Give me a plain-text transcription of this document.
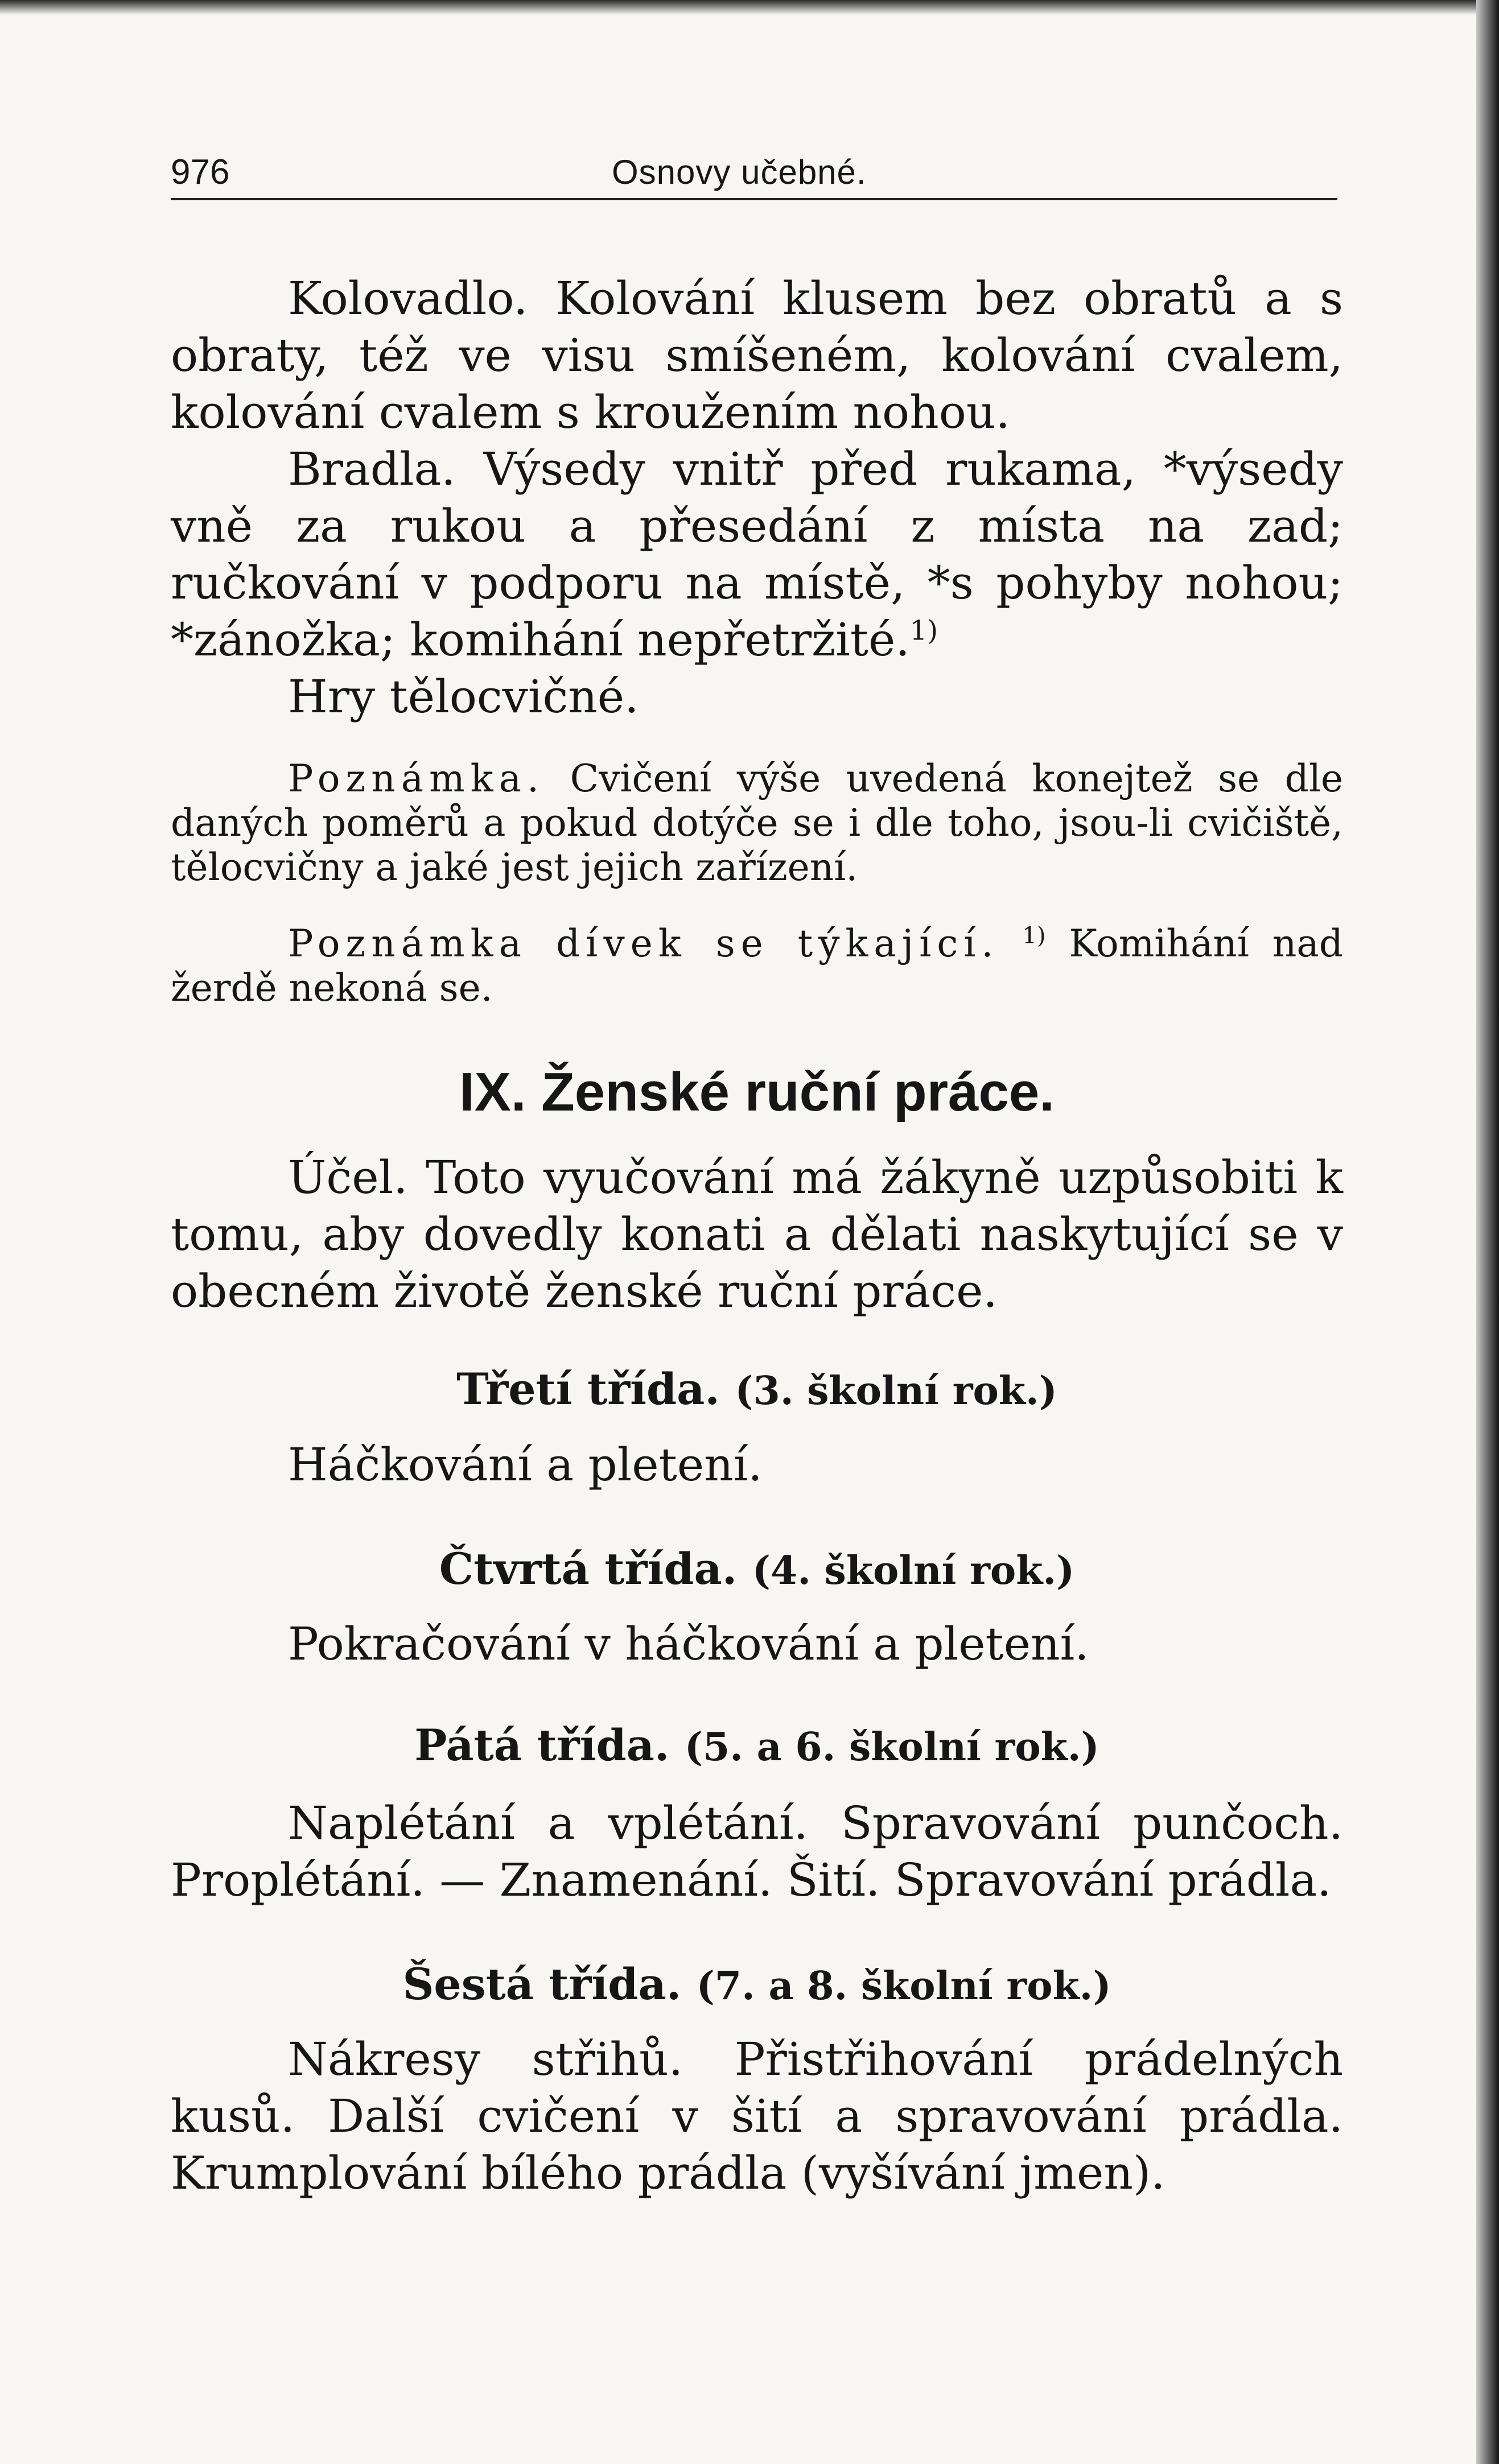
976	Osnovy učebné.

Kolovadlo. Kolování klusem bez obratů a s obraty, též ve visu smíšeném, kolování cvalem, kolování cvalem s kroužením nohou.

Bradla. Výsedy vnitř před rukama, *výsedy vně za rukou a přesedání z místa na zad; ručkování v podporu na místě, *s pohyby nohou; *zánožka; komihání nepřetržité.$^{1)}$

Hry tělocvičné.

Poznámka. Cvičení výše uvedená konejtež se dle daných poměrů a pokud dotýče se i dle toho, jsou-li cvičiště, tělocvičny a jaké jest jejich zařízení.

Poznámka dívek se týkající. $^{1)}$ Komihání nad žerdě nekoná se.

IX. Ženské ruční práce.

Účel. Toto vyučování má žákyně uzpůsobiti k tomu, aby dovedly konati a dělati naskytující se v obecném životě ženské ruční práce.

Třetí třída. (3. školní rok.)

Háčkování a pletení.

Čtvrtá třída. (4. školní rok.)

Pokračování v háčkování a pletení.

Pátá třída. (5. a 6. školní rok.)

Naplétání a vplétání. Spravování punčoch. Proplétání. — Znamenání. Šití. Spravování prádla.

Šestá třída. (7. a 8. školní rok.)

Nákresy střihů. Přistřihování prádelných kusů. Další cvičení v šití a spravování prádla. Krumplování bílého prádla (vyšívání jmen).
